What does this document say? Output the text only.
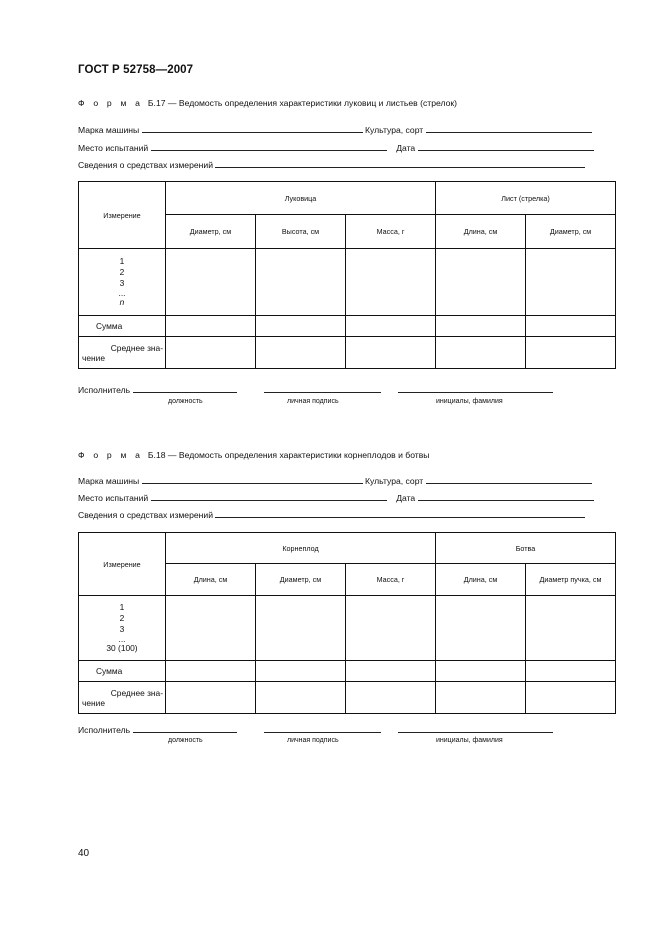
ГОСТ Р 52758—2007
Ф о р м а Б.17 — Ведомость определения характеристики луковиц и листьев (стрелок)
Марка машины	Культура, сорт
Место испытаний	Дата
Сведения о средствах измерений
Измерение	Луковица			Лист (стрелка)	
	Диаметр, см	Высота, см	Масса, г	Длина, см	Диаметр, см

1
2
3
...
n					

Сумма					

Среднее зна-
чение					

Исполнитель
должность	личная подпись	инициалы, фамилия
Ф о р м а Б.18 — Ведомость определения характеристики корнеплодов и ботвы
Марка машины	Культура, сорт
Место испытаний	Дата
Сведения о средствах измерений
Измерение	Корнеплод			Ботва	
	Длина, см	Диаметр, см	Масса, г	Длина, см	Диаметр пучка, см

1
2
3
...
30 (100)					

Сумма					

Среднее зна-
чение					

Исполнитель
должность	личная подпись	инициалы, фамилия
40
